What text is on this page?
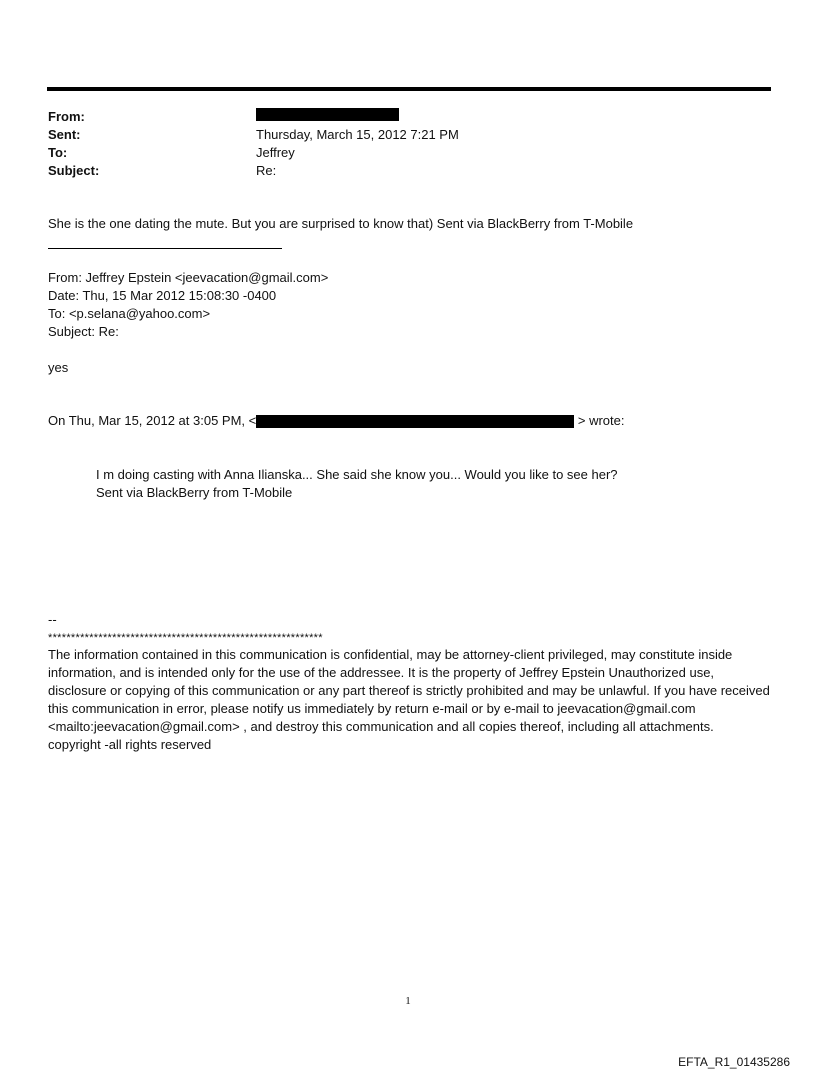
From:
Sent:	Thursday, March 15, 2012 7:21 PM
To:	Jeffrey
Subject:	Re:
She is the one dating the mute. But you are surprised to know that) Sent via BlackBerry from T-Mobile
From: Jeffrey Epstein <jeevacation@gmail.com>
Date: Thu, 15 Mar 2012 15:08:30 -0400
To: <p.selana@yahoo.com>
Subject: Re:
yes
On Thu, Mar 15, 2012 at 3:05 PM, <	> wrote:
I m doing casting with Anna Ilianska... She said she know you... Would you like to see her?
Sent via BlackBerry from T-Mobile
--
************************************************************
The information contained in this communication is confidential, may be attorney-client privileged, may constitute inside information, and is intended only for the use of the addressee. It is the property of Jeffrey Epstein Unauthorized use, disclosure or copying of this communication or any part thereof is strictly prohibited and may be unlawful. If you have received this communication in error, please notify us immediately by return e-mail or by e-mail to jeevacation@gmail.com <mailto:jeevacation@gmail.com> , and destroy this communication and all copies thereof, including all attachments. copyright -all rights reserved
1
EFTA_R1_01435286
